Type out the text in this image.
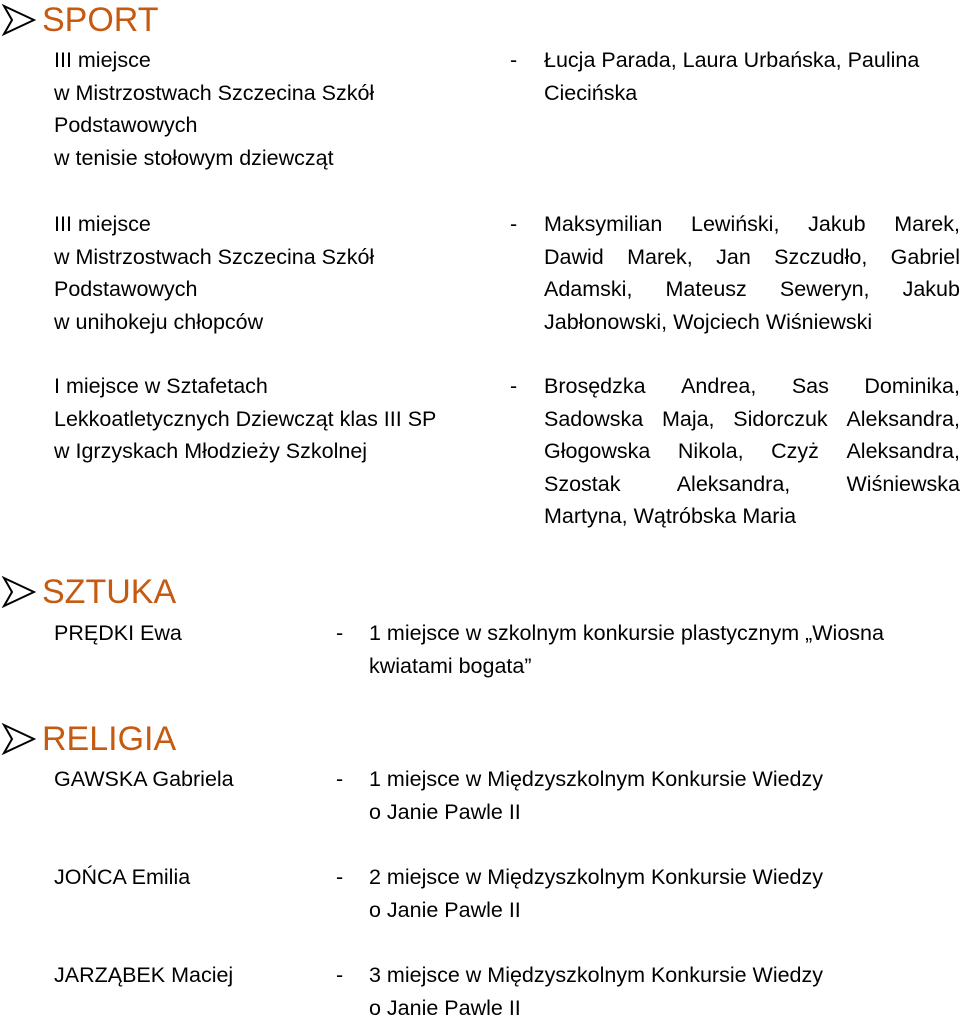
SPORT
III miejsce
w Mistrzostwach Szczecina Szkół
Podstawowych
w tenisie stołowym dziewcząt
- Łucja Parada, Laura Urbańska, Paulina
Ciecińska
III miejsce
w Mistrzostwach Szczecina Szkół
Podstawowych
w unihokeju chłopców
- Maksymilian Lewiński, Jakub Marek,
Dawid Marek, Jan Szczudło, Gabriel
Adamski, Mateusz Seweryn, Jakub
Jabłonowski, Wojciech Wiśniewski
I miejsce w Sztafetach
Lekkoatletycznych Dziewcząt klas III SP
w Igrzyskach Młodzieży Szkolnej
- Brosędzka Andrea, Sas Dominika,
Sadowska Maja, Sidorczuk Aleksandra,
Głogowska Nikola, Czyż Aleksandra,
Szostak	Aleksandra,	Wiśniewska
Martyna, Wątróbska Maria
SZTUKA
PRĘDKI Ewa	- 1 miejsce w szkolnym konkursie plastycznym „Wiosna
kwiatami bogata”
RELIGIA
GAWSKA Gabriela	- 1 miejsce w Międzyszkolnym Konkursie Wiedzy
o Janie Pawle II
JOŃCA Emilia	- 2 miejsce w Międzyszkolnym Konkursie Wiedzy
o Janie Pawle II
JARZĄBEK Maciej	- 3 miejsce w Międzyszkolnym Konkursie Wiedzy
o Janie Pawle II
